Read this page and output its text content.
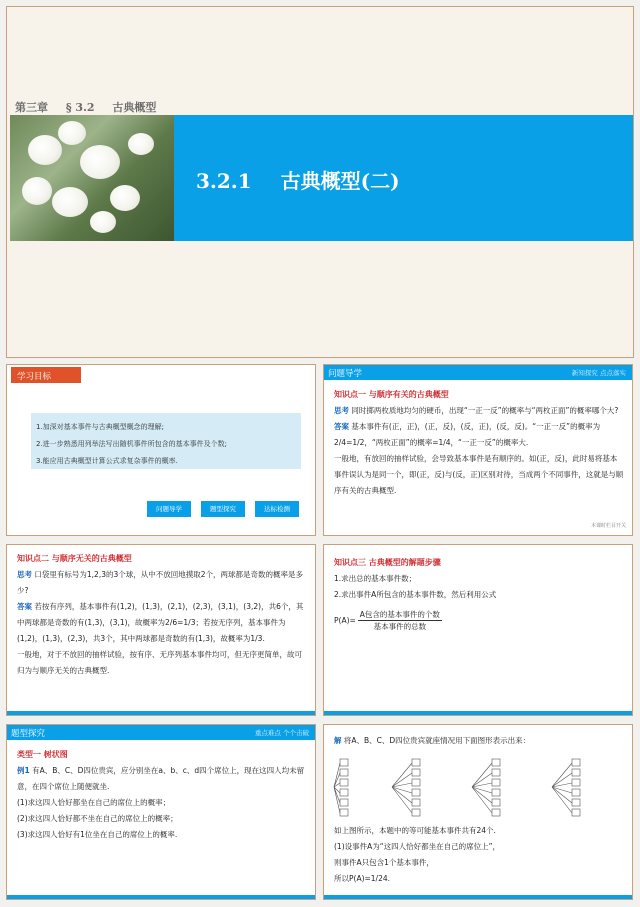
第三章 § 3.2 古典概型
3.2.1 古典概型(二)
学习目标
1.加深对基本事件与古典概型概念的理解;
2.进一步熟悉用列举法写出随机事件所包含的基本事件及个数;
3.能应用古典概型计算公式求复杂事件的概率.
问题导学	题型探究	达标检测
问题导学	新知探究 点点落实
知识点一 与顺序有关的古典概型
思考 同时掷两枚质地均匀的硬币，出现“一正一反”的概率与“两枚正面”的概率哪个大?
答案 基本事件有(正，正)，(正，反)，(反，正)，(反，反)。“一正一反”的概率为2/4=1/2，“两枚正面”的概率=1/4，“一正一反”的概率大.
一般地，有放回的抽样试验，会导致基本事件是有顺序的。如(正，反)，此时易将基本事件误认为是同一个，即(正，反)与(反，正)区别对待，当成两个不同事件，这就是与顺序有关的古典概型.
本课时栏目开关
知识点二 与顺序无关的古典概型
思考 口袋里有标号为1,2,3的3个球，从中不放回地摸取2个，两球都是奇数的概率是多少?
答案 若按有序列，基本事件有(1,2)，(1,3)，(2,1)，(2,3)，(3,1)，(3,2)，共6个，其中两球都是奇数的有(1,3)，(3,1)，故概率为2/6=1/3；若按无序列，基本事件为(1,2)，(1,3)，(2,3)，共3个，其中两球都是奇数的有(1,3)，故概率为1/3.
一般地，对于不放回的抽样试验，按有序、无序列基本事件均可，但无序更简单，故可归为与顺序无关的古典概型.
知识点三 古典概型的解题步骤
1.求出总的基本事件数；
2.求出事件A所包含的基本事件数，然后利用公式
P(A)=
A包含的基本事件的个数
基本事件的总数
题型探究	重点难点 个个击破
类型一 树状图
例1 有A、B、C、D四位贵宾，应分别坐在a、b、c、d四个席位上，现在这四人均未留意，在四个席位上随便就坐.
(1)求这四人恰好都坐在自己的席位上的概率；
(2)求这四人恰好都不坐在自己的席位上的概率；
(3)求这四人恰好有1位坐在自己的席位上的概率.
解 将A、B、C、D四位贵宾就座情况用下面图形表示出来：
如上图所示，本题中的等可能基本事件共有24个.
(1)设事件A为“这四人恰好都坐在自己的席位上”，
则事件A只包含1个基本事件，
所以P(A)=1/24.
